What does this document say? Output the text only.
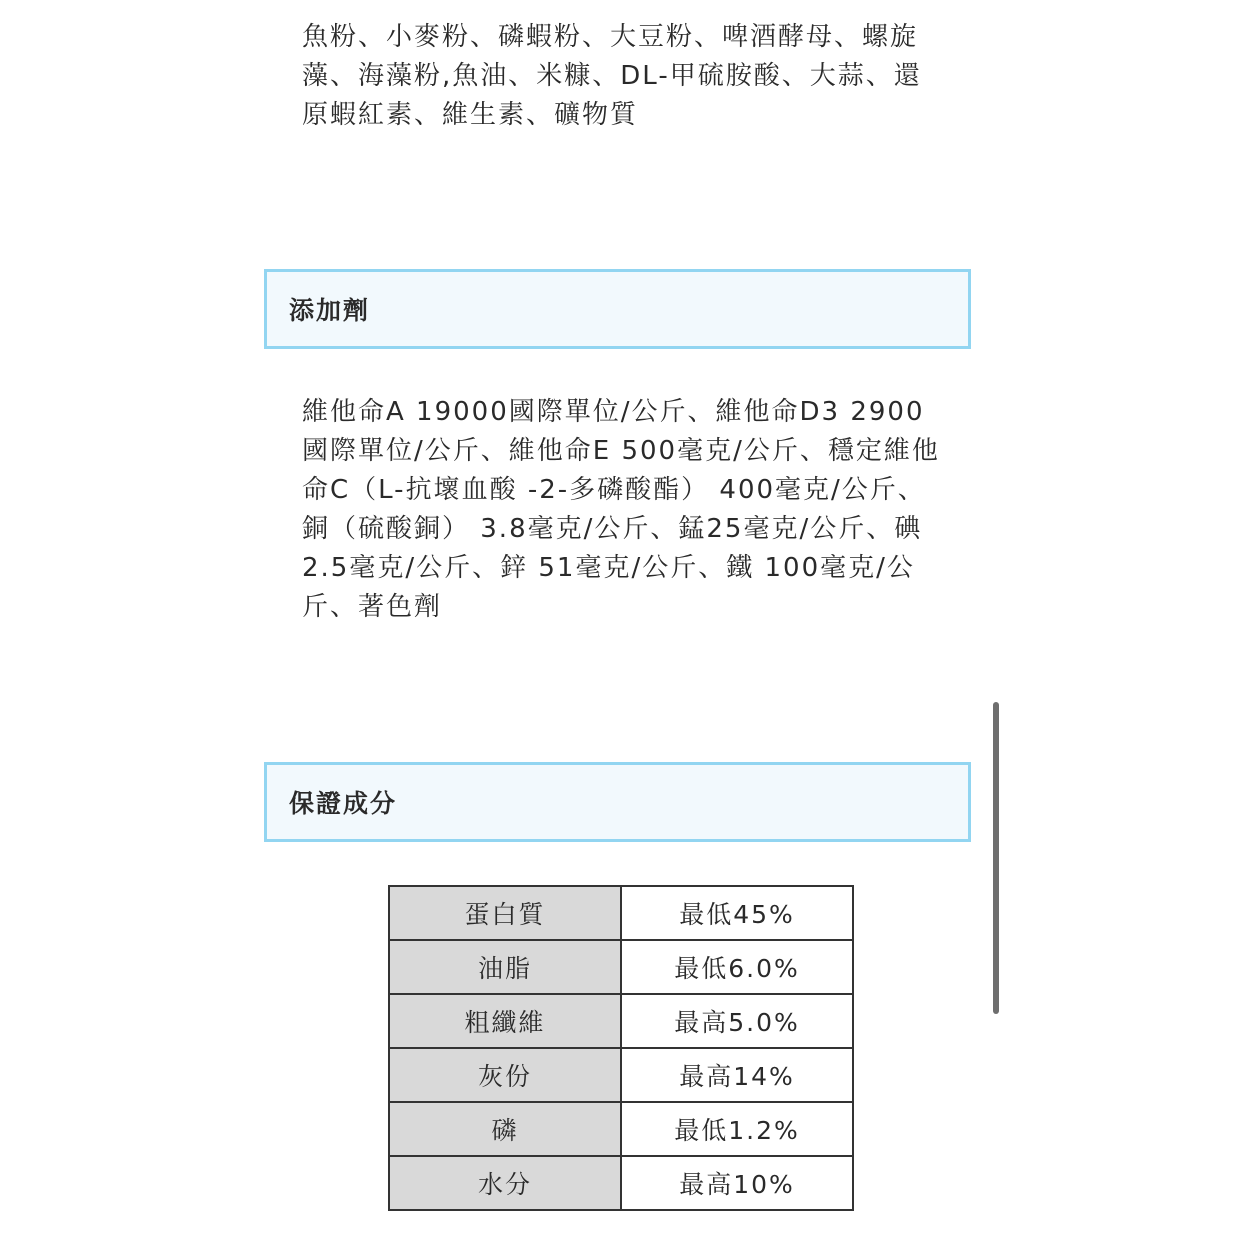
魚粉、小麥粉、磷蝦粉、大豆粉、啤酒酵母、螺旋藻、海藻粉,魚油、米糠、DL-甲硫胺酸、大蒜、還原蝦紅素、維生素、礦物質

添加劑

維他命A 19000國際單位/公斤、維他命D3 2900國際單位/公斤、維他命E 500毫克/公斤、穩定維他命C（L-抗壞血酸 -2-多磷酸酯） 400毫克/公斤、銅（硫酸銅） 3.8毫克/公斤、錳25毫克/公斤、碘 2.5毫克/公斤、鋅 51毫克/公斤、鐵 100毫克/公斤、著色劑

保證成分
蛋白質	最低45%
油脂	最低6.0%
粗纖維	最高5.0%
灰份	最高14%
磷	最低1.2%
水分	最高10%
